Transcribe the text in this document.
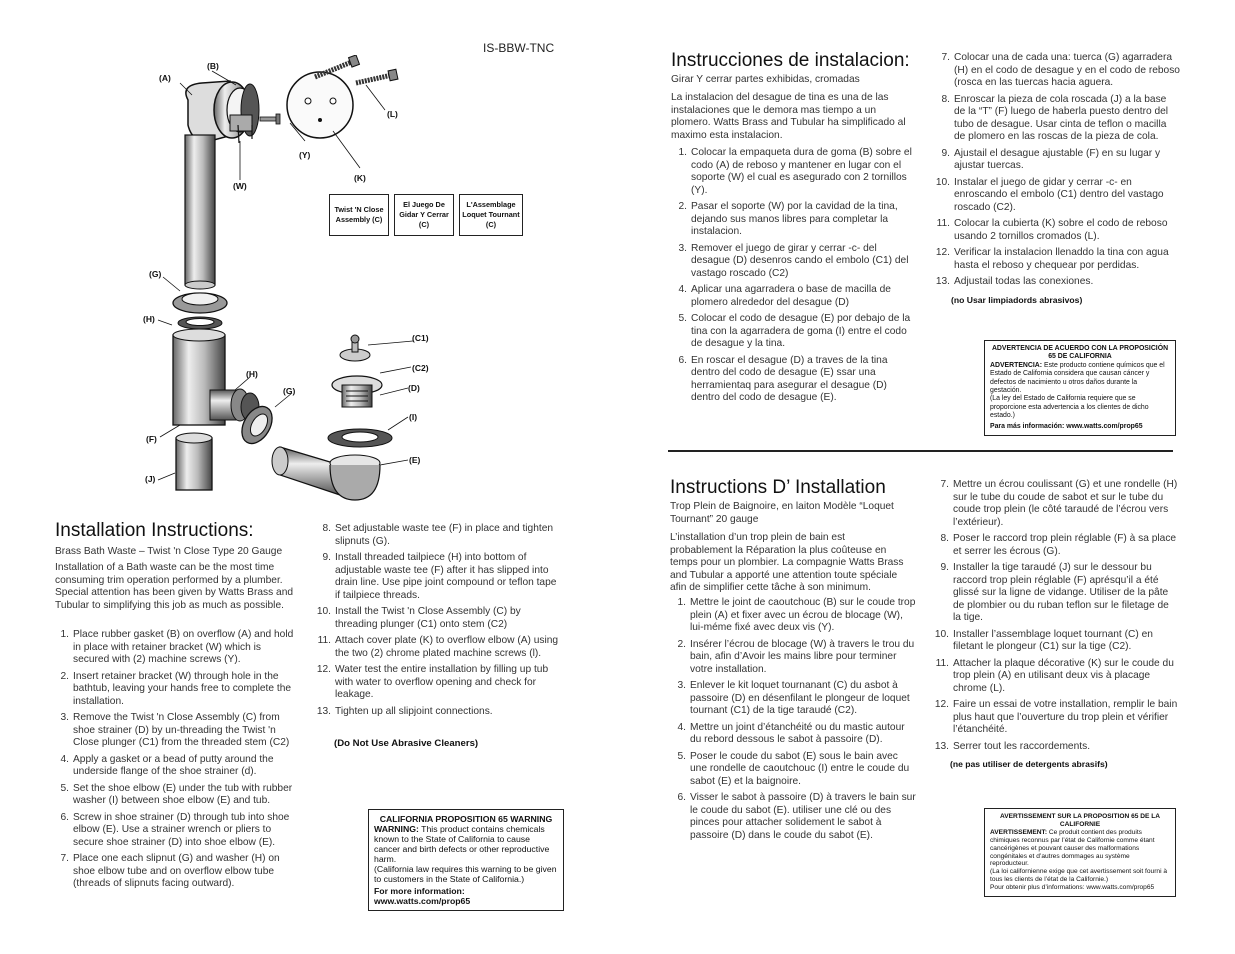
IS-BBW-TNC
(A)
(B)
(L)
(Y)
(W)
(K)
(G)
(H)
(H)
(G)
(F)
(J)
(C1)
(C2)
(D)
(I)
(E)
Twist 'N Close Assembly (C)
El Juego De Gidar Y Cerrar (C)
L'Assemblage Loquet Tournant (C)
Installation Instructions:
Brass Bath Waste – Twist 'n Close Type 20 Gauge
Installation of a Bath waste can be the most time consuming trim operation performed by a plumber. Special attention has been given by Watts Brass and Tubular to simplifying this job as much as possible.
1. Place rubber gasket (B) on overflow (A) and hold in place with retainer bracket (W) which is secured with (2) machine screws (Y).
2. Insert retainer bracket (W) through hole in the bathtub, leaving your hands free to complete the installation.
3. Remove the Twist 'n Close Assembly (C) from shoe strainer (D) by un-threading the Twist 'n Close plunger (C1) from the threaded stem (C2)
4. Apply a gasket or a bead of putty around the underside flange of the shoe strainer (d).
5. Set the shoe elbow (E) under the tub with rubber washer (I) between shoe elbow (E) and tub.
6. Screw in shoe strainer (D) through tub into shoe elbow (E). Use a strainer wrench or pliers to secure shoe strainer (D) into shoe elbow (E).
7. Place one each slipnut (G) and washer (H) on shoe elbow tube and on overflow elbow tube (threads of slipnuts facing outward).
8. Set adjustable waste tee (F) in place and tighten slipnuts (G).
9. Install threaded tailpiece (H) into bottom of adjustable waste tee (F) after it has slipped into drain line. Use pipe joint compound or teflon tape if tailpiece threads.
10. Install the Twist 'n Close Assembly (C) by threading plunger (C1) onto stem (C2)
11. Attach cover plate (K) to overflow elbow (A) using the two (2) chrome plated machine screws (l).
12. Water test the entire installation by filling up tub with water to overflow opening and check for leakage.
13. Tighten up all slipjoint connections.
(Do Not Use Abrasive Cleaners)
CALIFORNIA PROPOSITION 65 WARNING
WARNING: This product contains chemicals known to the State of California to cause cancer and birth defects or other reproductive harm.
(California law requires this warning to be given to customers in the State of California.)
For more information: www.watts.com/prop65
Instrucciones de instalacion:
Girar Y cerrar partes exhibidas, cromadas
La instalacion del desague de tina es una de las instalaciones que le demora mas tiempo a un plomero. Watts Brass and Tubular ha simplificado al maximo esta instalacion.
1. Colocar la empaqueta dura de goma (B) sobre el codo (A) de reboso y mantener en lugar con el soporte (W) el cual es asegurado con 2 tornillos (Y).
2. Pasar el soporte (W) por la cavidad de la tina, dejando sus manos libres para completar la instalacion.
3. Remover el juego de girar y cerrar -c- del desague (D) desenros cando el embolo (C1) del vastago roscado (C2)
4. Aplicar una agarradera o base de macilla de plomero alrededor del desague (D)
5. Colocar el codo de desague (E) por debajo de la tina con la agarradera de goma (I) entre el codo de desague y la tina.
6. En roscar el desague (D) a traves de la tina dentro del codo de desague (E) ssar una herramientaq para asegurar el desague (D) dentro del codo de desague (E).
7. Colocar una de cada una: tuerca (G) agarradera (H) en el codo de desague y en el codo de reboso (rosca en las tuercas hacia aguera.
8. Enroscar la pieza de cola roscada (J) a la base de la “T” (F) luego de haberla puesto dentro del tubo de desague. Usar cinta de teflon o macilla de plomero en las roscas de la pieza de cola.
9. Ajustail el desague ajustable (F) en su lugar y ajustar tuercas.
10. Instalar el juego de gidar y cerrar -c- en enroscando el embolo (C1) dentro del vastago roscado (C2).
11. Colocar la cubierta (K) sobre el codo de reboso usando 2 tornillos cromados (L).
12. Verificar la instalacion llenaddo la tina con agua hasta el reboso y chequear por perdidas.
13. Adjustail todas las conexiones.
(no Usar limpiadords abrasivos)
ADVERTENCIA DE ACUERDO CON LA PROPOSICIÓN 65 DE CALIFORNIA
ADVERTENCIA: Este producto contiene químicos que el Estado de California considera que causan cáncer y defectos de nacimiento u otros daños durante la gestación.
(La ley del Estado de California requiere que se proporcione esta advertencia a los clientes de dicho estado.)
Para más información: www.watts.com/prop65
Instructions D’ Installation
Trop Plein de Baignoire, en laiton Modèle “Loquet Tournant” 20 gauge
L’installation d’un trop plein de bain est probablement la Réparation la plus coûteuse en temps pour un plombier. La compagnie Watts Brass and Tubular a apporté une attention toute spéciale afin de simplifier cette tâche à son minimum.
1. Mettre le joint de caoutchouc (B) sur le coude trop plein (A) et fixer avec un écrou de blocage (W), lui-méme fixé avec deux vis (Y).
2. Insérer l’écrou de blocage (W) à travers le trou du bain, afin d’Avoir les mains libre pour terminer votre installation.
3. Enlever le kit loquet tournanant (C) du asbot à passoire (D) en désenfilant le plongeur de loquet tournant (C1) de la tige taraudé (C2).
4. Mettre un joint d’étanchéité ou du mastic autour du rebord dessous le sabot à passoire (D).
5. Poser le coude du sabot (E) sous le bain avec une rondelle de caoutchouc (I) entre le coude du sabot (E) et la baignoire.
6. Visser le sabot à passoire (D) à travers le bain sur le coude du sabot (E). utiliser une clé ou des pinces pour attacher solidement le sabot à passoire (D) dans le coude du sabot (E).
7. Mettre un écrou coulissant (G) et une rondelle (H) sur le tube du coude de sabot et sur le tube du coude trop plein (le côté taraudé de l’écrou vers l’extérieur).
8. Poser le raccord trop plein réglable (F) à sa place et serrer les écrous (G).
9. Installer la tige taraudé (J) sur le dessour bu raccord trop plein réglable (F) aprésqu’il a été glissé sur la ligne de vidange. Utiliser de la pâte de plombier ou du ruban teflon sur le filetage de la tige.
10. Installer l’assemblage loquet tournant (C) en filetant le plongeur (C1) sur la tige (C2).
11. Attacher la plaque décorative (K) sur le coude du trop plein (A) en utilisant deux vis à placage chrome (L).
12. Faire un essai de votre installation, remplir le bain plus haut que l’ouverture du trop plein et vérifier l’étanchéité.
13. Serrer tout les raccordements.
(ne pas utiliser de detergents abrasifs)
AVERTISSEMENT SUR LA PROPOSITION 65 DE LA CALIFORNIE
AVERTISSEMENT: Ce produit contient des produits chimiques reconnus par l’état de Californie comme étant cancérigènes et pouvant causer des malformations congénitales et d’autres dommages au système reproducteur.
(La loi californienne exige que cet avertissement soit fourni à tous les clients de l’état de la Californie.)
Pour obtenir plus d’informations: www.watts.com/prop65
